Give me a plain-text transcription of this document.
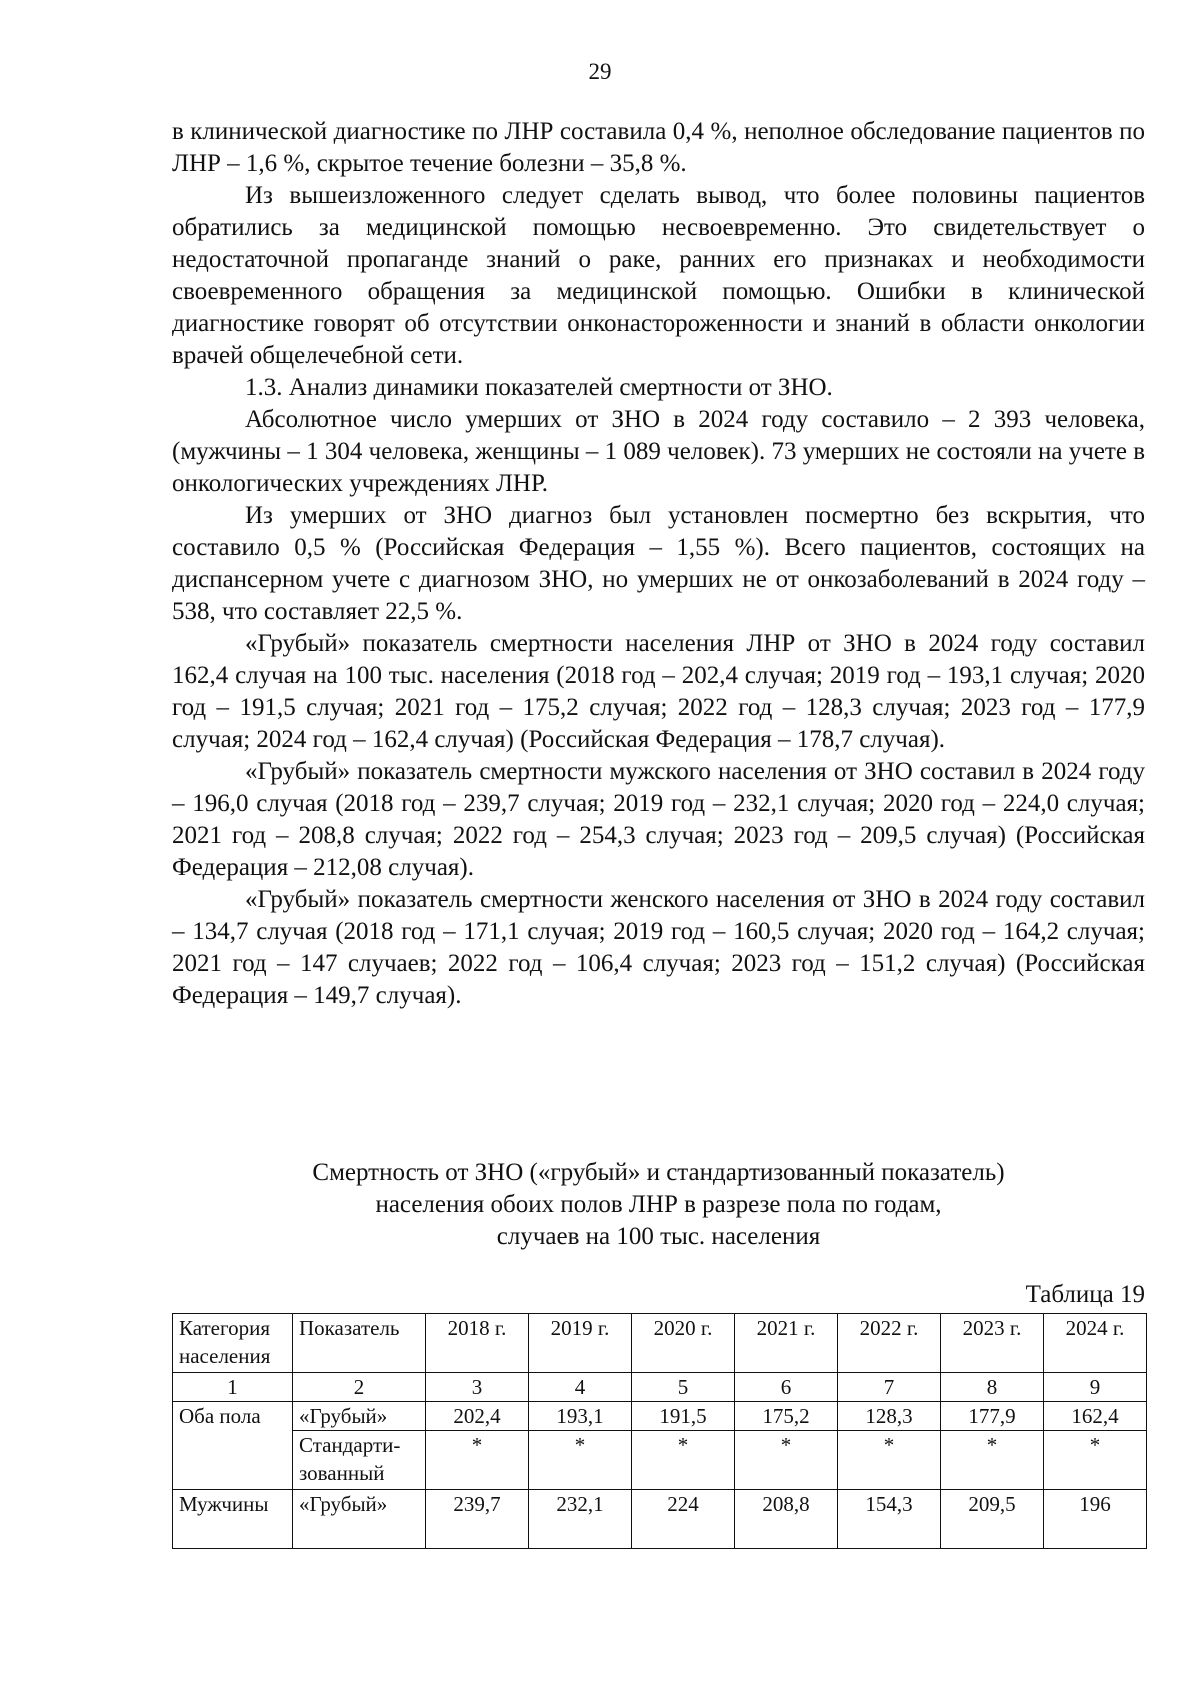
29

в клинической диагностике по ЛНР составила 0,4 %, неполное обследование пациентов по ЛНР – 1,6 %, скрытое течение болезни – 35,8 %.

Из вышеизложенного следует сделать вывод, что более половины пациентов обратились за медицинской помощью несвоевременно. Это свидетельствует о недостаточной пропаганде знаний о раке, ранних его признаках и необходимости своевременного обращения за медицинской помощью. Ошибки в клинической диагностике говорят об отсутствии онконастороженности и знаний в области онкологии врачей общелечебной сети.

1.3. Анализ динамики показателей смертности от ЗНО.

Абсолютное число умерших от ЗНО в 2024 году составило – 2 393 человека, (мужчины – 1 304 человека, женщины – 1 089 человек). 73 умерших не состояли на учете в онкологических учреждениях ЛНР.

Из умерших от ЗНО диагноз был установлен посмертно без вскрытия, что составило 0,5 % (Российская Федерация – 1,55 %). Всего пациентов, состоящих на диспансерном учете с диагнозом ЗНО, но умерших не от онкозаболеваний в 2024 году – 538, что составляет 22,5 %.

«Грубый» показатель смертности населения ЛНР от ЗНО в 2024 году составил 162,4 случая на 100 тыс. населения (2018 год – 202,4 случая; 2019 год – 193,1 случая; 2020 год – 191,5 случая; 2021 год – 175,2 случая; 2022 год – 128,3 случая; 2023 год – 177,9 случая; 2024 год – 162,4 случая) (Российская Федерация – 178,7 случая).

«Грубый» показатель смертности мужского населения от ЗНО составил в 2024 году – 196,0 случая (2018 год – 239,7 случая; 2019 год – 232,1 случая; 2020 год – 224,0 случая; 2021 год – 208,8 случая; 2022 год – 254,3 случая; 2023 год – 209,5 случая) (Российская Федерация – 212,08 случая).

«Грубый» показатель смертности женского населения от ЗНО в 2024 году составил – 134,7 случая (2018 год – 171,1 случая; 2019 год – 160,5 случая; 2020 год – 164,2 случая; 2021 год – 147 случаев; 2022 год – 106,4 случая; 2023 год – 151,2 случая) (Российская Федерация – 149,7 случая).

Смертность от ЗНО («грубый» и стандартизованный показатель)
населения обоих полов ЛНР в разрезе пола по годам,
случаев на 100 тыс. населения
Таблица 19
Категория населения	Показатель	2018 г.	2019 г.	2020 г.	2021 г.	2022 г.	2023 г.	2024 г.
1	2	3	4	5	6	7	8	9
Оба пола	«Грубый»	202,4	193,1	191,5	175,2	128,3	177,9	162,4
	Стандарти-зованный	*	*	*	*	*	*	*
Мужчины	«Грубый»	239,7	232,1	224	208,8	154,3	209,5	196
